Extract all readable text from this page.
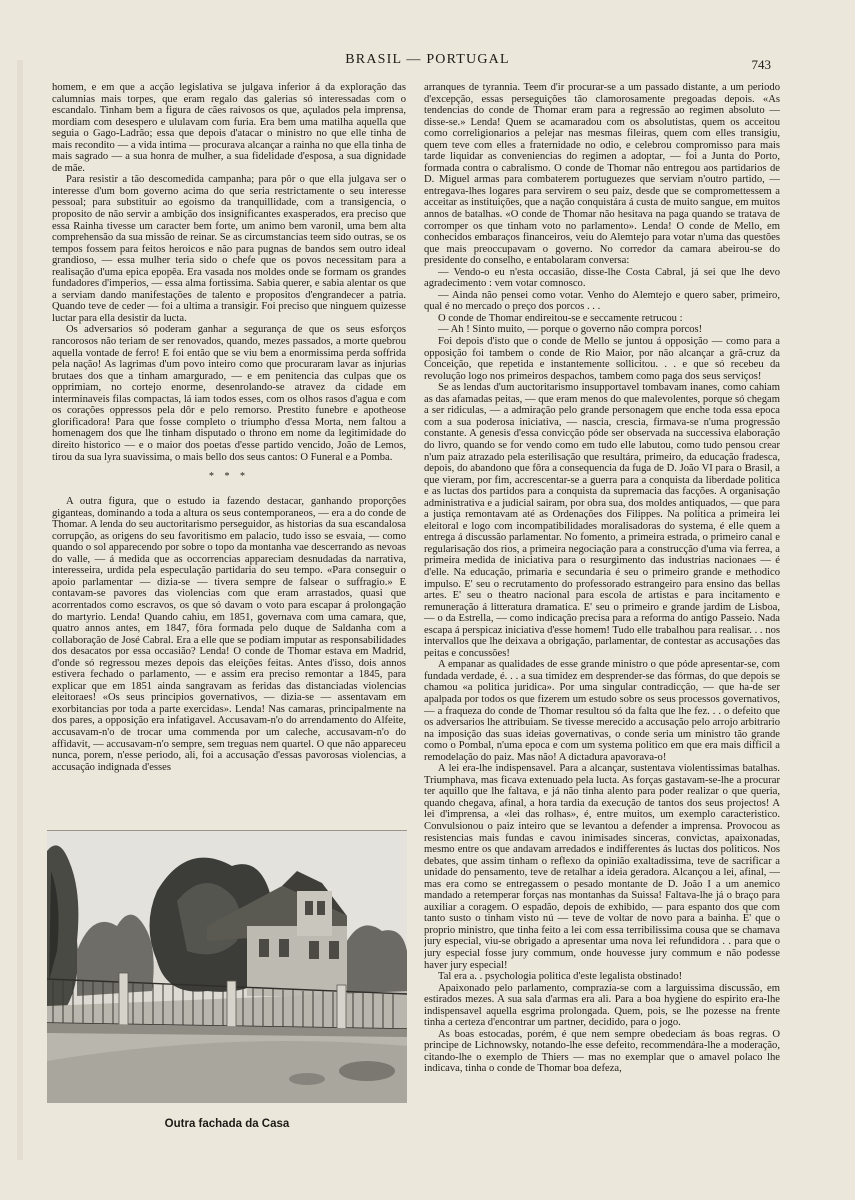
BRASIL — PORTUGAL	743

homem, e em que a acção legislativa se julgava inferior á da exploração das calumnias mais torpes, que eram regalo das galerias só interessadas com o escandalo. Tinham bem a figura de cães raivosos os que, açulados pela imprensa, mordiam com desespero e ululavam com furia. Era bem uma matilha aquella que seguia o Gago-Ladrão; essa que depois d'atacar o ministro no que elle tinha de mais recondito — a vida intima — procurava alcançar a rainha no que ella tinha de mais sagrado — a sua honra de mulher, a sua fidelidade d'esposa, a sua dignidade de mãe.

Para resistir a tão descomedida campanha; para pôr o que ella julgava ser o interesse d'um bom governo acima do que seria restrictamente o seu interesse pessoal; para substituir ao egoismo da tranquillidade, com a transigencia, o proposito de não servir a ambição dos insignificantes exasperados, era preciso que essa Rainha tivesse um caracter bem forte, um animo bem varonil, uma bem alta comprehensão da sua missão de reinar. Se as circumstancias teem sido outras, se os tempos fossem para feitos heroicos e não para pugnas de bandos sem outro ideal grandioso, — essa mulher teria sido o chefe que os povos necessitam para a realisação d'uma epica epopêa. Era vasada nos moldes onde se formam os grandes fundadores d'imperios, — essa alma fortissima. Sabia querer, e sabia alentar os que a serviam dando manifestações de talento e propositos d'engrandecer a patria. Quando teve de ceder — foi a ultima a transigir. Foi preciso que ninguem quizesse luctar para ella desistir da lucta.

Os adversarios só poderam ganhar a segurança de que os seus esforços rancorosos não teriam de ser renovados, quando, mezes passados, a morte quebrou aquella vontade de ferro! E foi então que se viu bem a enormissima perda soffrida pela nação! As lagrimas d'um povo inteiro como que procuraram lavar as injurias brutaes dos que a tinham amargurado, — e em penitencia das culpas que os opprimiam, no cortejo enorme, desenrolando-se atravez da cidade em interminaveis filas compactas, lá iam todos esses, com os olhos rasos d'agua e com os corações oppressos pela dôr e pelo remorso. Prestito funebre e apotheose glorificadora! Para que fosse completo o triumpho d'essa Morta, nem faltou a homenagem dos que lhe tinham disputado o throno em nome da legitimidade do direito historico — e o maior dos poetas d'esse partido vencido, João de Lemos, tirou da sua lyra suavissima, o mais bello dos seus cantos: O Funeral e a Pomba.

* * *

A outra figura, que o estudo ia fazendo destacar, ganhando proporções giganteas, dominando a toda a altura os seus contemporaneos, — era a do conde de Thomar. A lenda do seu auctoritarismo perseguidor, as historias da sua escandalosa corrupção, as origens do seu favoritismo em palacio, tudo isso se esvaia, — como quando o sol apparecendo por sobre o topo da montanha vae descerrando as nevoas do valle, — á medida que as occorrencias appareciam desnudadas da narrativa, interesseira, urdida pela especulação partidaria do seu tempo. «Para conseguir o apoio parlamentar — dizia-se — tivera sempre de falsear o suffragio.» E contavam-se pavores das violencias com que eram arrastados, quasi que acorrentados como escravos, os que só davam o voto para escapar á prolongação do martyrio. Lenda! Quando cahiu, em 1851, governava com uma camara, que, quatro annos antes, em 1847, fôra formada pelo duque de Saldanha com a collaboração de José Cabral. Era a elle que se podiam imputar as responsabilidades dos desacatos por essa occasião? Lenda! O conde de Thomar estava em Madrid, d'onde só regressou mezes depois das eleições feitas. Antes d'isso, dois annos estivera fechado o parlamento, — e assim era preciso remontar a 1845, para explicar que em 1851 ainda sangravam as feridas das distanciadas violencias eleitoraes! «Os seus principios governativos, — dizia-se — assentavam em exorbitancias por toda a parte exercidas». Lenda! Nas camaras, principalmente na dos pares, a opposição era infatigavel. Accusavam-n'o do arrendamento do Alfeite, accusavam-n'o de trocar uma commenda por um caleche, accusavam-n'o do affidavit, — accusavam-n'o sempre, sem treguas nem quartel. O que não appareceu nunca, porem, n'esse periodo, ali, foi a accusação d'essas pavorosas violencias, a accusação indignada d'esses

Outra fachada da Casa

arranques de tyrannia. Teem d'ir procurar-se a um passado distante, a um periodo d'excepção, essas perseguições tão clamorosamente pregoadas depois. «As tendencias do conde de Thomar eram para a regressão ao regimen absoluto — disse-se.» Lenda! Quem se acamaradou com os absolutistas, quem os acceitou como correligionarios a pelejar nas mesmas fileiras, quem com elles transigiu, quem teve com elles a fraternidade no odio, e celebrou compromisso para mais tarde liquidar as conveniencias do regimen a adoptar, — foi a Junta do Porto, formada contra o cabralismo. O conde de Thomar não entregou aos partidarios de D. Miguel armas para combaterem portuguezes que serviam n'outro partido, — entregava-lhes logares para servirem o seu paiz, desde que se compromettessem a acceitar as instituições, que a nação conquistára á custa de muito sangue, em muitos annos de batalhas. «O conde de Thomar não hesitava na paga quando se tratava de corromper os que tinham voto no parlamento». Lenda! O conde de Mello, em conhecidos embaraços financeiros, veiu do Alemtejo para votar n'uma das questões que mais preoccupavam o governo. No corredor da camara abeirou-se do presidente do conselho, e entabolaram conversa:

— Vendo-o eu n'esta occasião, disse-lhe Costa Cabral, já sei que lhe devo agradecimento : vem votar comnosco.

— Ainda não pensei como votar. Venho do Alemtejo e quero saber, primeiro, qual é no mercado o preço dos porcos . . .

O conde de Thomar endireitou-se e seccamente retrucou :

— Ah ! Sinto muito, — porque o governo não compra porcos!

Foi depois d'isto que o conde de Mello se juntou á opposição — como para a opposição foi tambem o conde de Rio Maior, por não alcançar a grã-cruz da Conceição, que repetida e instantemente sollicitou. . . e que só recebeu da revolução logo nos primeiros despachos, tambem como paga dos seus serviços!

Se as lendas d'um auctoritarismo insupportavel tombavam inanes, como cahiam as das afamadas peitas, — que eram menos do que malevolentes, porque só chegam a ser ridiculas, — a admiração pelo grande personagem que enche toda essa epoca com a sua poderosa iniciativa, — nascia, crescia, firmava-se n'uma progressão constante. A genesis d'essa convicção póde ser observada na successiva elaboração do livro, quando se for vendo como em tudo elle labutou, como tudo pensou crear n'um paiz atrazado pela esterilisação que resultára, primeiro, da educação fradesca, depois, do abandono que fôra a consequencia da fuga de D. João VI para o Brasil, a que vieram, por fim, accrescentar-se a guerra para a conquista da liberdade politica e as luctas dos partidos para a conquista da supremacia das facções. A organisação administrativa e a judicial sairam, por obra sua, dos moldes antiquados, — que para a justiça remontavam até as Ordenações dos Filippes. Na politica a primeira lei eleitoral e logo com incompatibilidades moralisadoras do systema, é elle quem a entrega á discussão parlamentar. No fomento, a primeira estrada, o primeiro canal e regularisação dos rios, a primeira negociação para a construcção d'uma via ferrea, a primeira medida de iniciativa para o resurgimento das industrias nacionaes — é d'elle. Na educação, primaria e secundaria é seu o primeiro grande e methodico impulso. E' seu o recrutamento do professorado estrangeiro para ensino das bellas artes. E' seu o theatro nacional para escola de artistas e para incitamento e remuneração á litteratura dramatica. E' seu o primeiro e grande jardim de Lisboa, — o da Estrella, — como indicação precisa para a reforma do antigo Passeio. Nada escapa á perspicaz iniciativa d'esse homem! Tudo elle trabalhou para realisar. . . nos intervallos que lhe deixava a obrigação, parlamentar, de contestar as accusações das peitas e concussões!

A empanar as qualidades de esse grande ministro o que póde apresentar-se, com fundada verdade, é. . . a sua timidez em desprender-se das fórmas, do que depois se chamou «a politica juridica». Por uma singular contradicção, — que ha-de ser apalpada por todos os que fizerem um estudo sobre os seus processos governativos, — a fraqueza do conde de Thomar resultou só da falta que lhe fez. . . o defeito que os adversarios lhe attribuiam. Se tivesse merecido a accusação pelo arrojo arbitrario na imposição das suas ideias governativas, o conde seria um ministro tão grande como o Pombal, n'uma epoca e com um systema politico em que era mais difficil a remodelação do paiz. Mas não! A dictadura apavorava-o!

A lei era-lhe indispensavel. Para a alcançar, sustentava violentissimas batalhas. Triumphava, mas ficava extenuado pela lucta. As forças gastavam-se-lhe a procurar ter aquillo que lhe faltava, e já não tinha alento para poder realizar o que queria, quando chegava, afinal, a hora tardia da execução de tantos dos seus projectos! A lei d'imprensa, a «lei das rolhas», é, entre muitos, um exemplo caracteristico. Convulsionou o paiz inteiro que se levantou a defender a imprensa. Provocou as resistencias mais fundas e cavou inimisades sinceras, convictas, apaixonadas, mesmo entre os que andavam arredados e indifferentes ás luctas dos politicos. Nos debates, que assim tinham o reflexo da opinião exaltadissima, teve de sacrificar a unidade do pensamento, teve de retalhar a ideia geradora. Alcançou a lei, afinal, — mas era como se entregassem o pesado montante de D. João I a um anemico mandado a retemperar forças nas montanhas da Suissa! Faltava-lhe já o braço para auxiliar a coragem. O espadão, depois de exhibido, — para espanto dos que com tanto susto o tinham visto nú — teve de voltar de novo para a bainha. E' que o proprio ministro, que tinha feito a lei com essa terribilissima cousa que se chamava jury especial, viu-se obrigado a apresentar uma nova lei refundidora . . para que o jury especial fosse jury commum, onde houvesse jury commum e não podesse haver jury especial!

Tal era a. . psychologia politica d'este legalista obstinado!

Apaixonado pelo parlamento, comprazia-se com a larguissima discussão, em estirados mezes. A sua sala d'armas era ali. Para a boa hygiene do espirito era-lhe indispensavel aquella esgrima prolongada. Quem, pois, se lhe pozesse na frente tinha a certeza d'encontrar um partner, decidido, para o jogo.

As boas estocadas, porém, é que nem sempre obedeciam ás boas regras. O principe de Lichnowsky, notando-lhe esse defeito, recommendára-lhe a moderação, citando-lhe o exemplo de Thiers — mas no exemplar que o amavel polaco lhe indicava, tinha o conde de Thomar boa defeza,
